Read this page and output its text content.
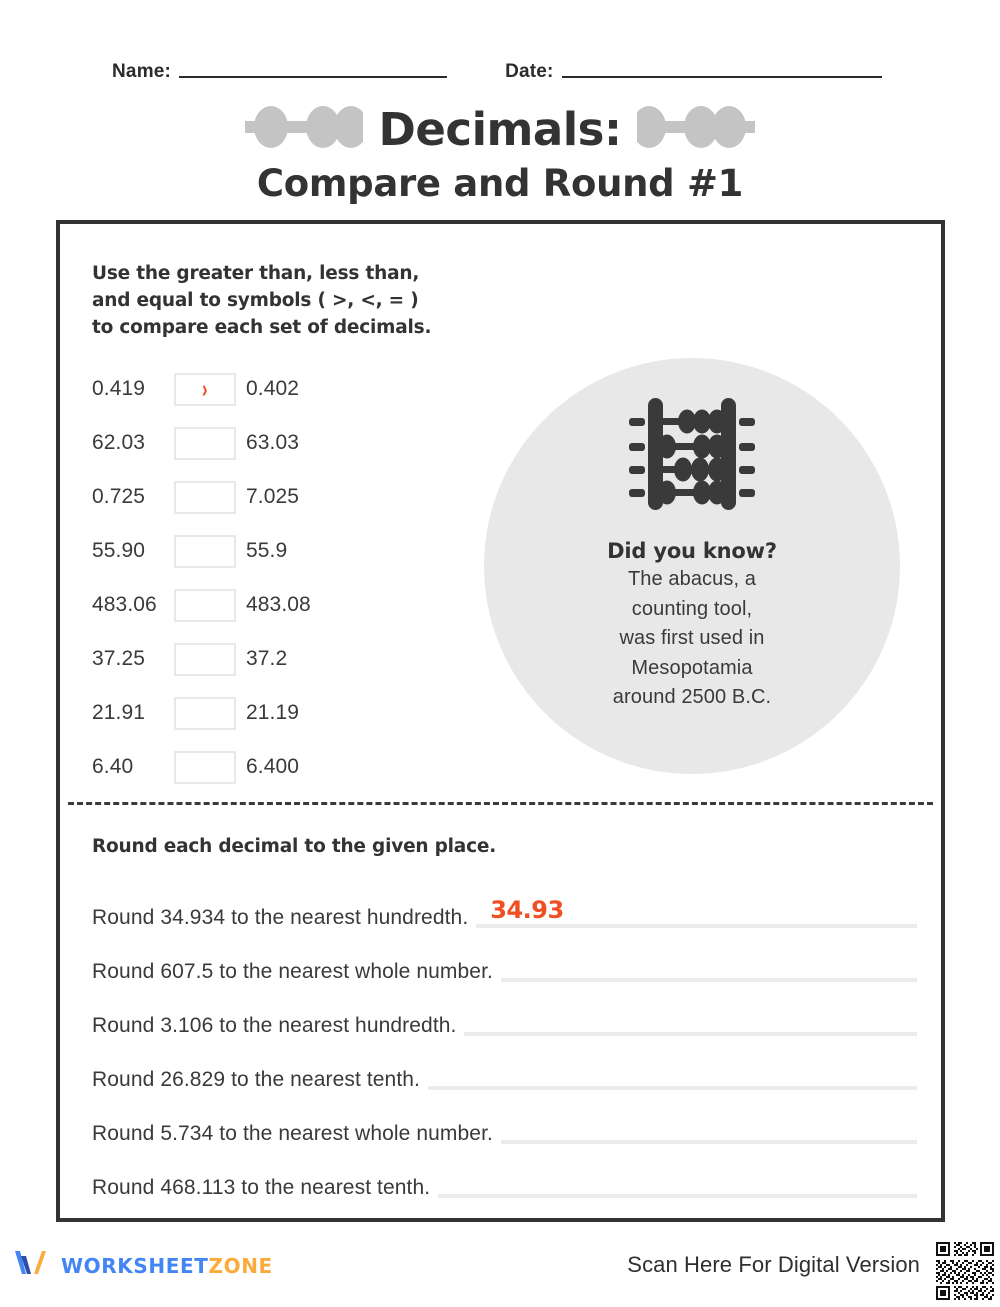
Name:	Date:
Decimals:
Compare and Round #1
Use the greater than, less than,
and equal to symbols ( >, <, = )
to compare each set of decimals.
0.419	› 0.402
62.03	63.03
0.725	7.025
55.90	55.9
483.06	483.08
37.25	37.2
21.91	21.19
6.40	6.400
Did you know?
The abacus, a
counting tool,
was first used in
Mesopotamia
around 2500 B.C.
Round each decimal to the given place.
Round 34.934 to the nearest hundredth. 34.93
Round 607.5 to the nearest whole number.
Round 3.106 to the nearest hundredth.
Round 26.829 to the nearest tenth.
Round 5.734 to the nearest whole number.
Round 468.113 to the nearest tenth.
WORKSHEETZONE	Scan Here For Digital Version
